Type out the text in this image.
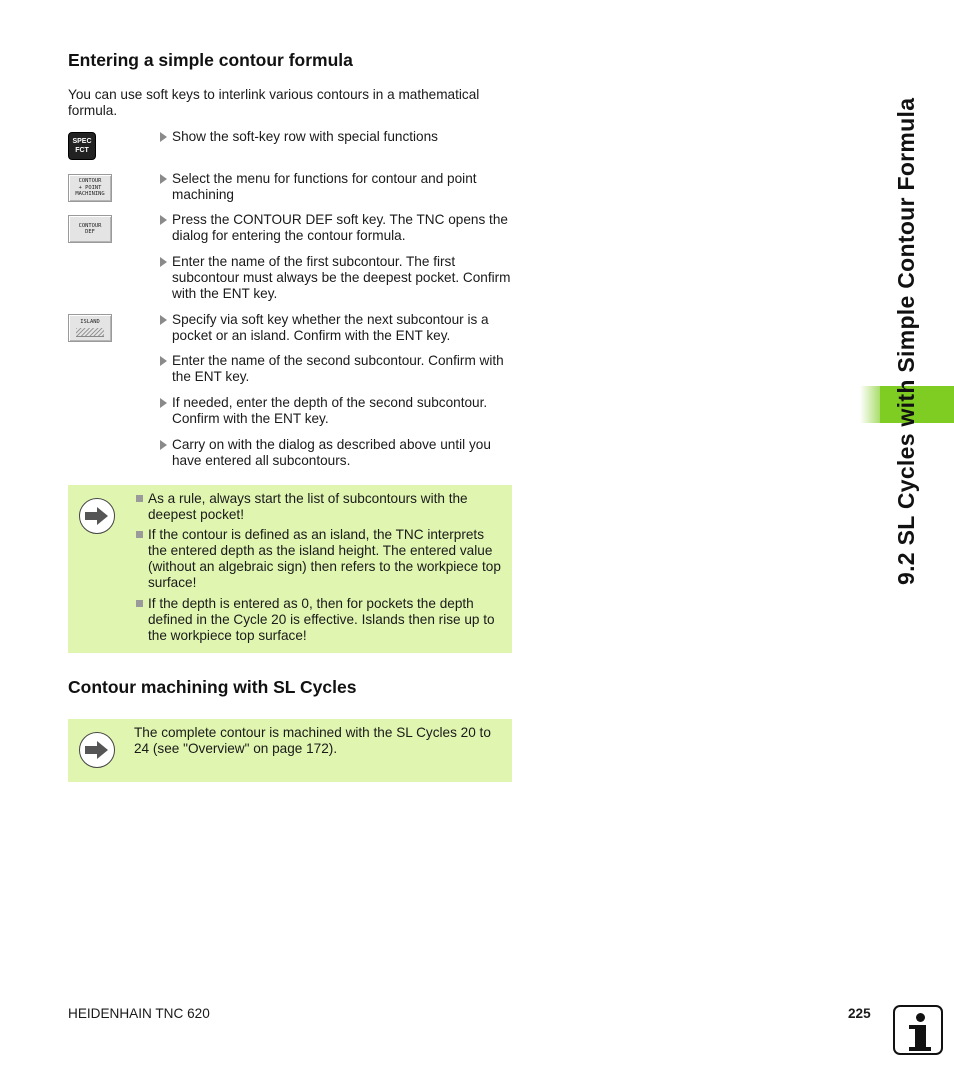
Entering a simple contour formula
You can use soft keys to interlink various contours in a mathematical formula.
SPEC
FCT
CONTOUR
+ POINT
MACHINING
CONTOUR
DEF
ISLAND
Show the soft-key row with special functions
Select the menu for functions for contour and point machining
Press the CONTOUR DEF soft key. The TNC opens the dialog for entering the contour formula.
Enter the name of the first subcontour. The first subcontour must always be the deepest pocket. Confirm with the ENT key.
Specify via soft key whether the next subcontour is a pocket or an island. Confirm with the ENT key.
Enter the name of the second subcontour. Confirm with the ENT key.
If needed, enter the depth of the second subcontour. Confirm with the ENT key.
Carry on with the dialog as described above until you have entered all subcontours.
As a rule, always start the list of subcontours with the deepest pocket!
If the contour is defined as an island, the TNC interprets the entered depth as the island height. The entered value (without an algebraic sign) then refers to the workpiece top surface!
If the depth is entered as 0, then for pockets the depth defined in the Cycle 20 is effective. Islands then rise up to the workpiece top surface!
Contour machining with SL Cycles
The complete contour is machined with the SL Cycles 20 to 24 (see "Overview" on page 172).
9.2 SL Cycles with Simple Contour Formula
HEIDENHAIN TNC 620	225
